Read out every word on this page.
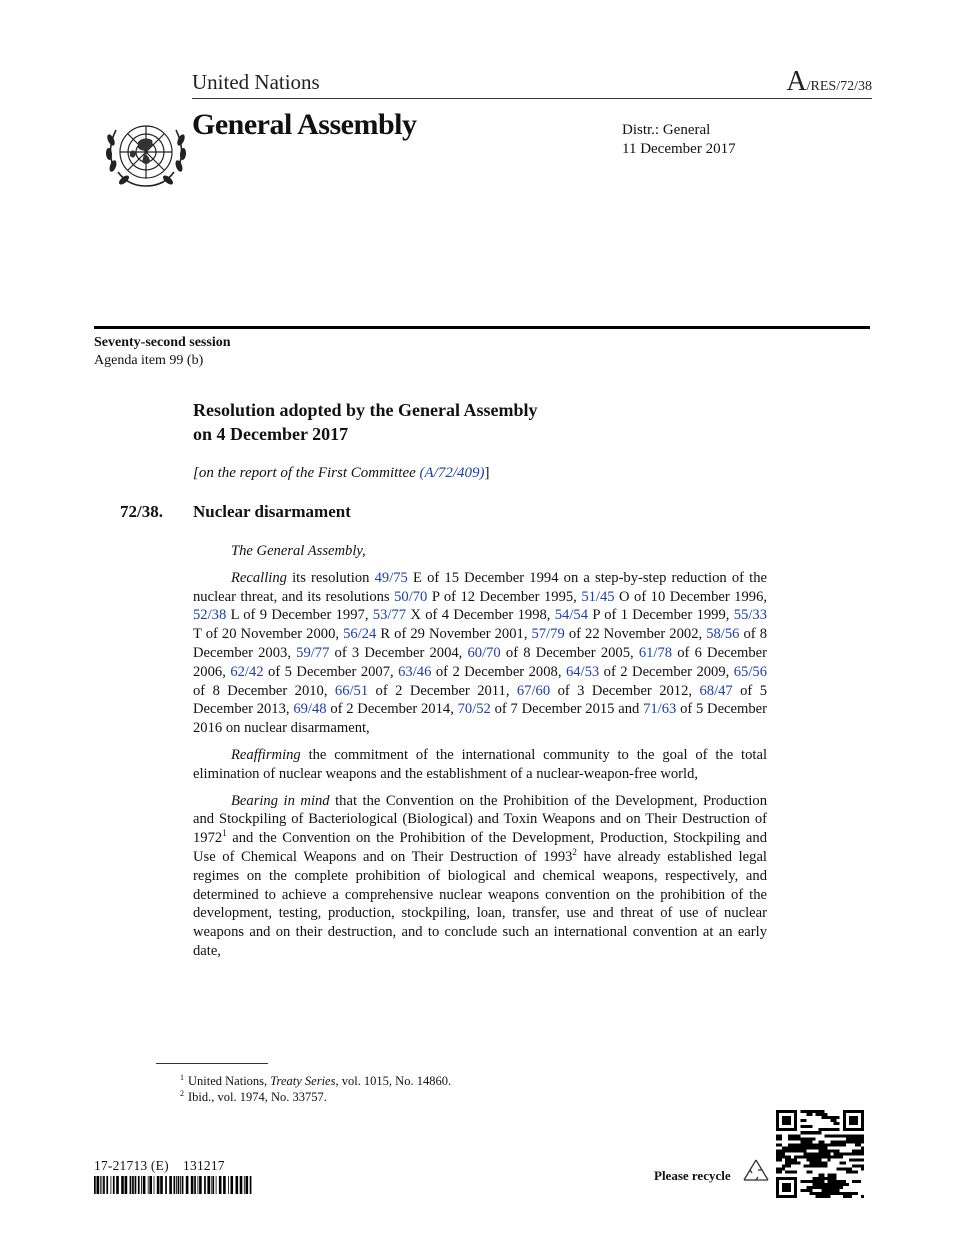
United Nations	A/RES/72/38
General Assembly	Distr.: General
11 December 2017
Seventy-second session
Agenda item 99 (b)
Resolution adopted by the General Assembly
on 4 December 2017
[on the report of the First Committee (A/72/409)]
72/38. Nuclear disarmament

The General Assembly,

Recalling its resolution 49/75 E of 15 December 1994 on a step-by-step reduction of the nuclear threat, and its resolutions 50/70 P of 12 December 1995, 51/45 O of 10 December 1996, 52/38 L of 9 December 1997, 53/77 X of 4 December 1998, 54/54 P of 1 December 1999, 55/33 T of 20 November 2000, 56/24 R of 29 November 2001, 57/79 of 22 November 2002, 58/56 of 8 December 2003, 59/77 of 3 December 2004, 60/70 of 8 December 2005, 61/78 of 6 December 2006, 62/42 of 5 December 2007, 63/46 of 2 December 2008, 64/53 of 2 December 2009, 65/56 of 8 December 2010, 66/51 of 2 December 2011, 67/60 of 3 December 2012, 68/47 of 5 December 2013, 69/48 of 2 December 2014, 70/52 of 7 December 2015 and 71/63 of 5 December 2016 on nuclear disarmament,

Reaffirming the commitment of the international community to the goal of the total elimination of nuclear weapons and the establishment of a nuclear-weapon-free world,

Bearing in mind that the Convention on the Prohibition of the Development, Production and Stockpiling of Bacteriological (Biological) and Toxin Weapons and on Their Destruction of 1972$^1$ and the Convention on the Prohibition of the Development, Production, Stockpiling and Use of Chemical Weapons and on Their Destruction of 1993$^2$ have already established legal regimes on the complete prohibition of biological and chemical weapons, respectively, and determined to achieve a comprehensive nuclear weapons convention on the prohibition of the development, testing, production, stockpiling, loan, transfer, use and threat of use of nuclear weapons and on their destruction, and to conclude such an international convention at an early date,

$^1$ United Nations, Treaty Series, vol. 1015, No. 14860.
$^2$ Ibid., vol. 1974, No. 33757.
17-21713 (E)    131217
Please recycle
